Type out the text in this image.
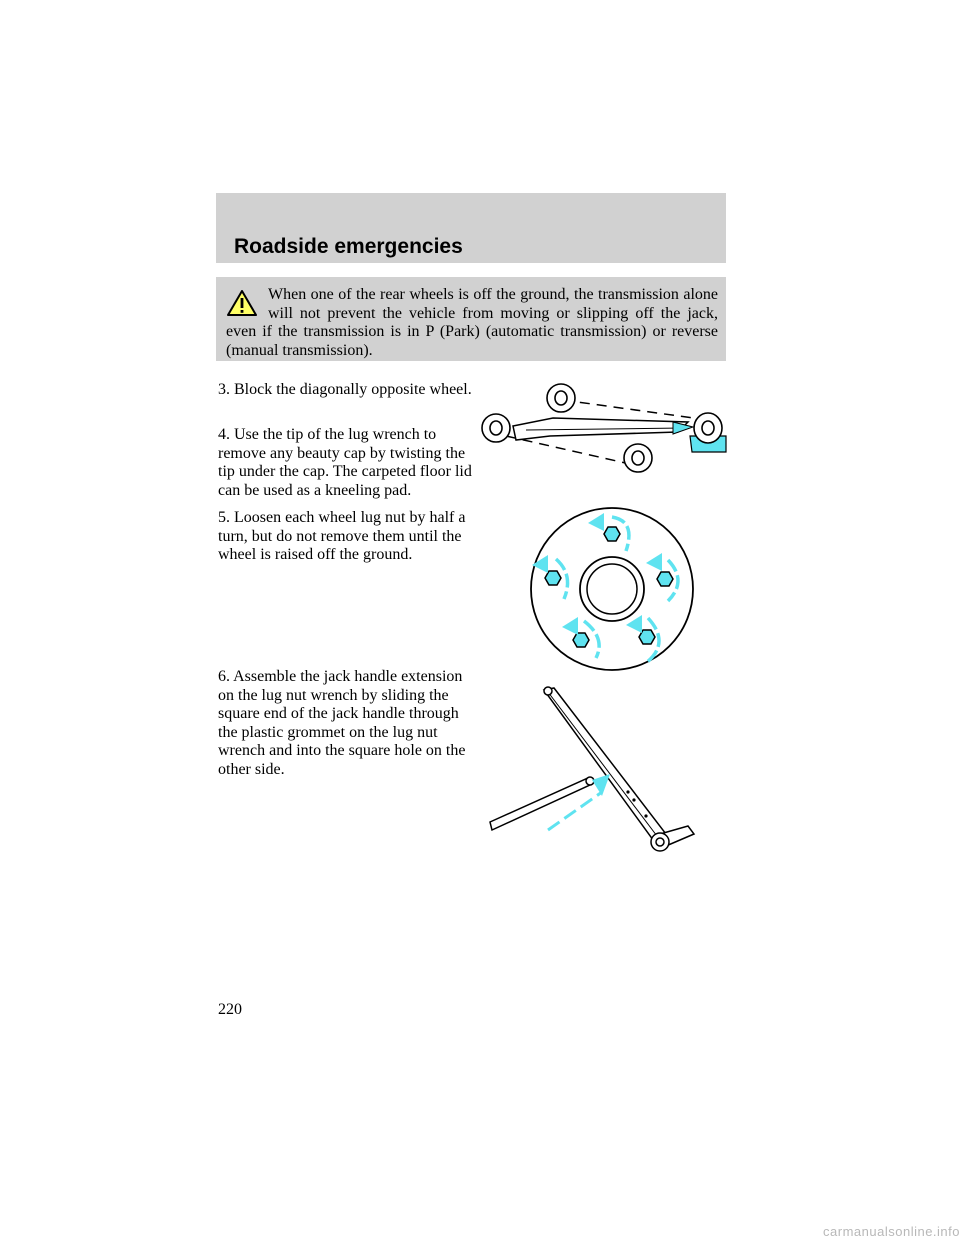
Roadside emergencies

When one of the rear wheels is off the ground, the transmission alone will not prevent the vehicle from moving or slipping off the jack, even if the transmission is in P (Park) (automatic transmission) or reverse (manual transmission).

3. Block the diagonally opposite wheel.

4. Use the tip of the lug wrench to remove any beauty cap by twisting the tip under the cap. The carpeted floor lid can be used as a kneeling pad.

5. Loosen each wheel lug nut by half a turn, but do not remove them until the wheel is raised off the ground.

6. Assemble the jack handle extension on the lug nut wrench by sliding the square end of the jack handle through the plastic grommet on the lug nut wrench and into the square hole on the other side.

220

carmanualsonline.info
